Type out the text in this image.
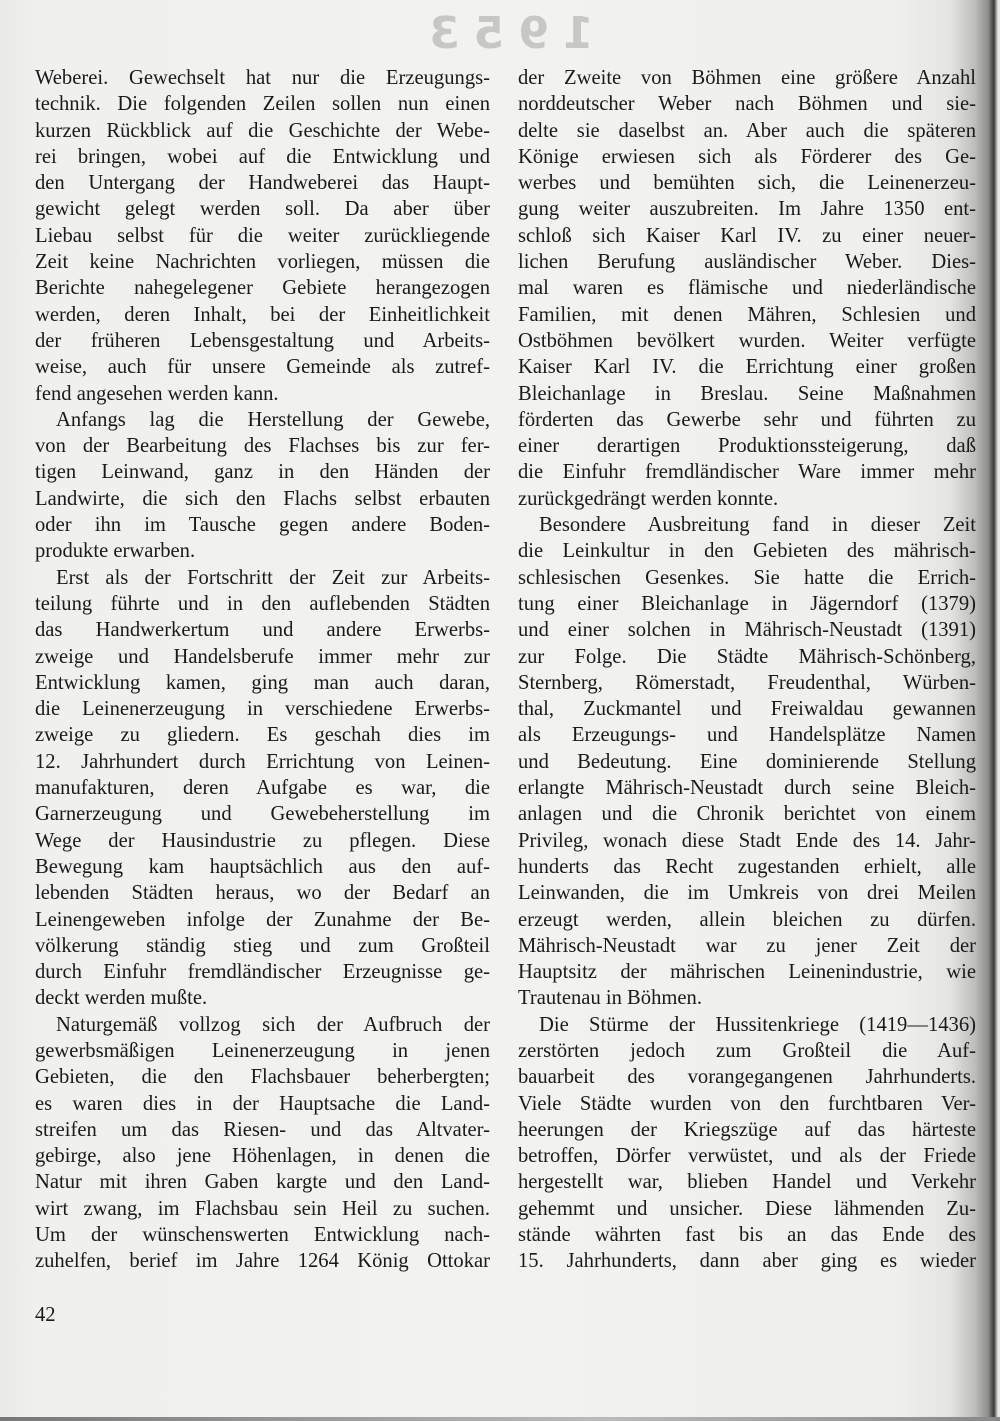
1953
Weberei. Gewechselt hat nur die Erzeugungs-
technik. Die folgenden Zeilen sollen nun einen
kurzen Rückblick auf die Geschichte der Webe-
rei bringen, wobei auf die Entwicklung und
den Untergang der Handweberei das Haupt-
gewicht gelegt werden soll. Da aber über
Liebau selbst für die weiter zurückliegende
Zeit keine Nachrichten vorliegen, müssen die
Berichte nahegelegener Gebiete herangezogen
werden, deren Inhalt, bei der Einheitlichkeit
der früheren Lebensgestaltung und Arbeits-
weise, auch für unsere Gemeinde als zutref-
fend angesehen werden kann.
Anfangs lag die Herstellung der Gewebe,
von der Bearbeitung des Flachses bis zur fer-
tigen Leinwand, ganz in den Händen der
Landwirte, die sich den Flachs selbst erbauten
oder ihn im Tausche gegen andere Boden-
produkte erwarben.
Erst als der Fortschritt der Zeit zur Arbeits-
teilung führte und in den auflebenden Städten
das Handwerkertum und andere Erwerbs-
zweige und Handelsberufe immer mehr zur
Entwicklung kamen, ging man auch daran,
die Leinenerzeugung in verschiedene Erwerbs-
zweige zu gliedern. Es geschah dies im
12. Jahrhundert durch Errichtung von Leinen-
manufakturen, deren Aufgabe es war, die
Garnerzeugung und Gewebeherstellung im
Wege der Hausindustrie zu pflegen. Diese
Bewegung kam hauptsächlich aus den auf-
lebenden Städten heraus, wo der Bedarf an
Leinengeweben infolge der Zunahme der Be-
völkerung ständig stieg und zum Großteil
durch Einfuhr fremdländischer Erzeugnisse ge-
deckt werden mußte.
Naturgemäß vollzog sich der Aufbruch der
gewerbsmäßigen Leinenerzeugung in jenen
Gebieten, die den Flachsbauer beherbergten;
es waren dies in der Hauptsache die Land-
streifen um das Riesen- und das Altvater-
gebirge, also jene Höhenlagen, in denen die
Natur mit ihren Gaben kargte und den Land-
wirt zwang, im Flachsbau sein Heil zu suchen.
Um der wünschenswerten Entwicklung nach-
zuhelfen, berief im Jahre 1264 König Ottokar
der Zweite von Böhmen eine größere Anzahl
norddeutscher Weber nach Böhmen und sie-
delte sie daselbst an. Aber auch die späteren
Könige erwiesen sich als Förderer des Ge-
werbes und bemühten sich, die Leinenerzeu-
gung weiter auszubreiten. Im Jahre 1350 ent-
schloß sich Kaiser Karl IV. zu einer neuer-
lichen Berufung ausländischer Weber. Dies-
mal waren es flämische und niederländische
Familien, mit denen Mähren, Schlesien und
Ostböhmen bevölkert wurden. Weiter verfügte
Kaiser Karl IV. die Errichtung einer großen
Bleichanlage in Breslau. Seine Maßnahmen
förderten das Gewerbe sehr und führten zu
einer derartigen Produktionssteigerung, daß
die Einfuhr fremdländischer Ware immer mehr
zurückgedrängt werden konnte.
Besondere Ausbreitung fand in dieser Zeit
die Leinkultur in den Gebieten des mährisch-
schlesischen Gesenkes. Sie hatte die Errich-
tung einer Bleichanlage in Jägerndorf (1379)
und einer solchen in Mährisch-Neustadt (1391)
zur Folge. Die Städte Mährisch-Schönberg,
Sternberg, Römerstadt, Freudenthal, Würben-
thal, Zuckmantel und Freiwaldau gewannen
als Erzeugungs- und Handelsplätze Namen
und Bedeutung. Eine dominierende Stellung
erlangte Mährisch-Neustadt durch seine Bleich-
anlagen und die Chronik berichtet von einem
Privileg, wonach diese Stadt Ende des 14. Jahr-
hunderts das Recht zugestanden erhielt, alle
Leinwanden, die im Umkreis von drei Meilen
erzeugt werden, allein bleichen zu dürfen.
Mährisch-Neustadt war zu jener Zeit der
Hauptsitz der mährischen Leinenindustrie, wie
Trautenau in Böhmen.
Die Stürme der Hussitenkriege (1419—1436)
zerstörten jedoch zum Großteil die Auf-
bauarbeit des vorangegangenen Jahrhunderts.
Viele Städte wurden von den furchtbaren Ver-
heerungen der Kriegszüge auf das härteste
betroffen, Dörfer verwüstet, und als der Friede
hergestellt war, blieben Handel und Verkehr
gehemmt und unsicher. Diese lähmenden Zu-
stände währten fast bis an das Ende des
15. Jahrhunderts, dann aber ging es wieder
42
